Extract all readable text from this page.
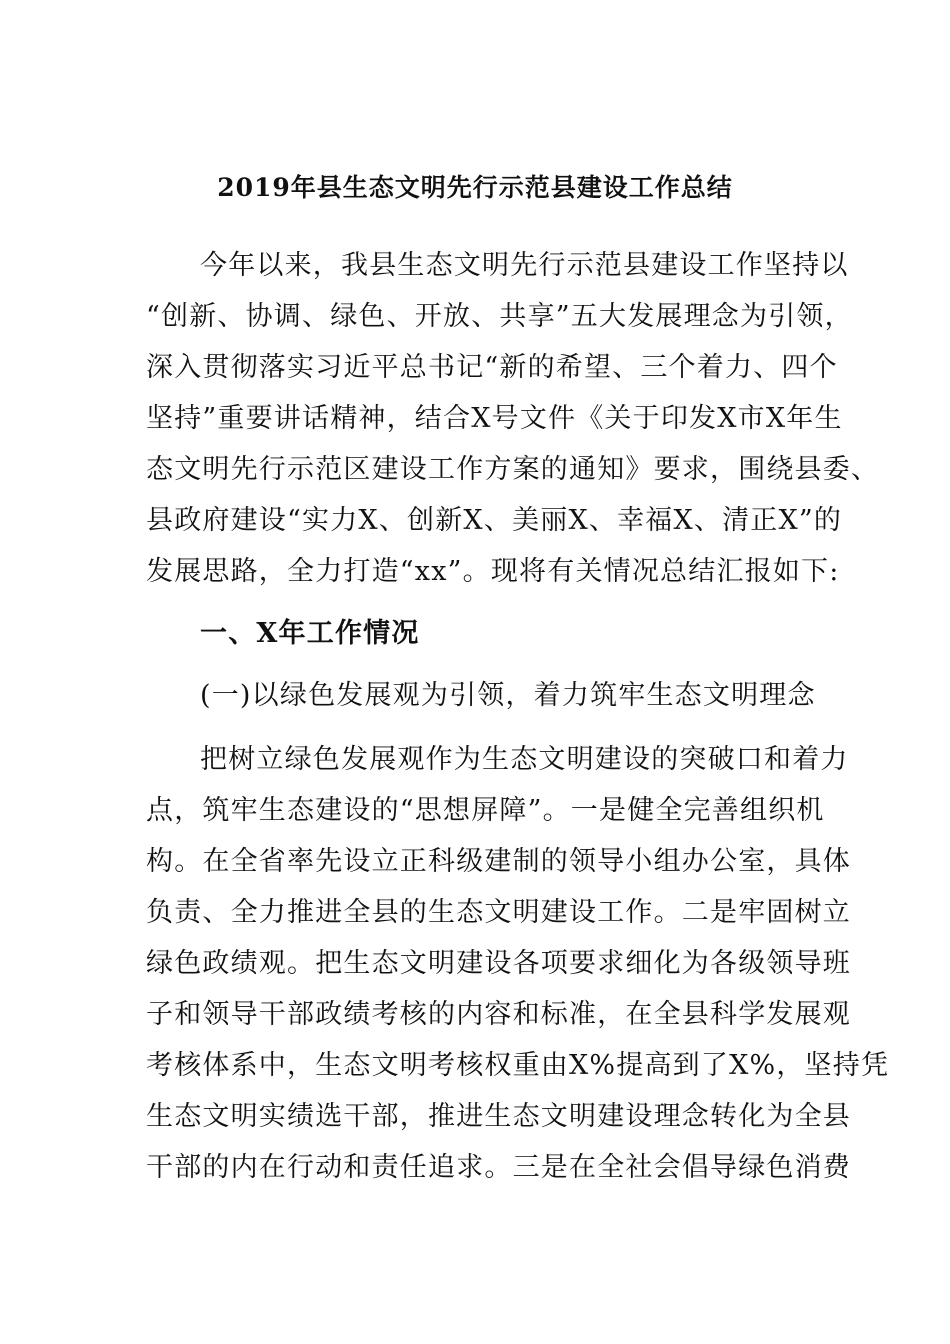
2019年县生态文明先行示范县建设工作总结
今年以来，我县生态文明先行示范县建设工作坚持以
“创新、协调、绿色、开放、共享”五大发展理念为引领，
深入贯彻落实习近平总书记“新的希望、三个着力、四个
坚持”重要讲话精神，结合X号文件《关于印发X市X年生
态文明先行示范区建设工作方案的通知》要求，围绕县委、
县政府建设“实力X、创新X、美丽X、幸福X、清正X”的
发展思路，全力打造“xx”。现将有关情况总结汇报如下:
一、X年工作情况
(一)以绿色发展观为引领，着力筑牢生态文明理念
把树立绿色发展观作为生态文明建设的突破口和着力
点，筑牢生态建设的“思想屏障”。一是健全完善组织机
构。在全省率先设立正科级建制的领导小组办公室，具体
负责、全力推进全县的生态文明建设工作。二是牢固树立
绿色政绩观。把生态文明建设各项要求细化为各级领导班
子和领导干部政绩考核的内容和标准，在全县科学发展观
考核体系中，生态文明考核权重由X%提高到了X%，坚持凭
生态文明实绩选干部，推进生态文明建设理念转化为全县
干部的内在行动和责任追求。三是在全社会倡导绿色消费
